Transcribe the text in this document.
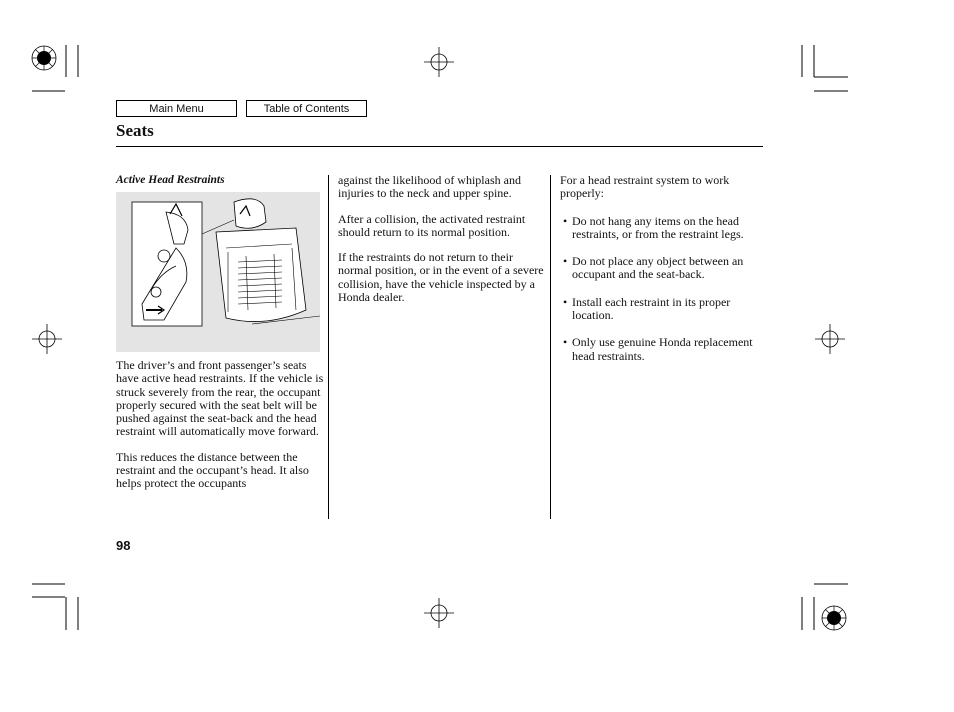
Main Menu	Table of Contents
Seats
Active Head Restraints

The driver’s and front passenger’s seats have active head restraints. If the vehicle is struck severely from the rear, the occupant properly secured with the seat belt will be pushed against the seat-back and the head restraint will automatically move forward.

This reduces the distance between the restraint and the occupant’s head. It also helps protect the occupants

against the likelihood of whiplash and injuries to the neck and upper spine.

After a collision, the activated restraint should return to its normal position.

If the restraints do not return to their normal position, or in the event of a severe collision, have the vehicle inspected by a Honda dealer.

For a head restraint system to work properly:

• Do not hang any items on the head restraints, or from the restraint legs.
• Do not place any object between an occupant and the seat-back.
• Install each restraint in its proper location.
• Only use genuine Honda replacement head restraints.
98
